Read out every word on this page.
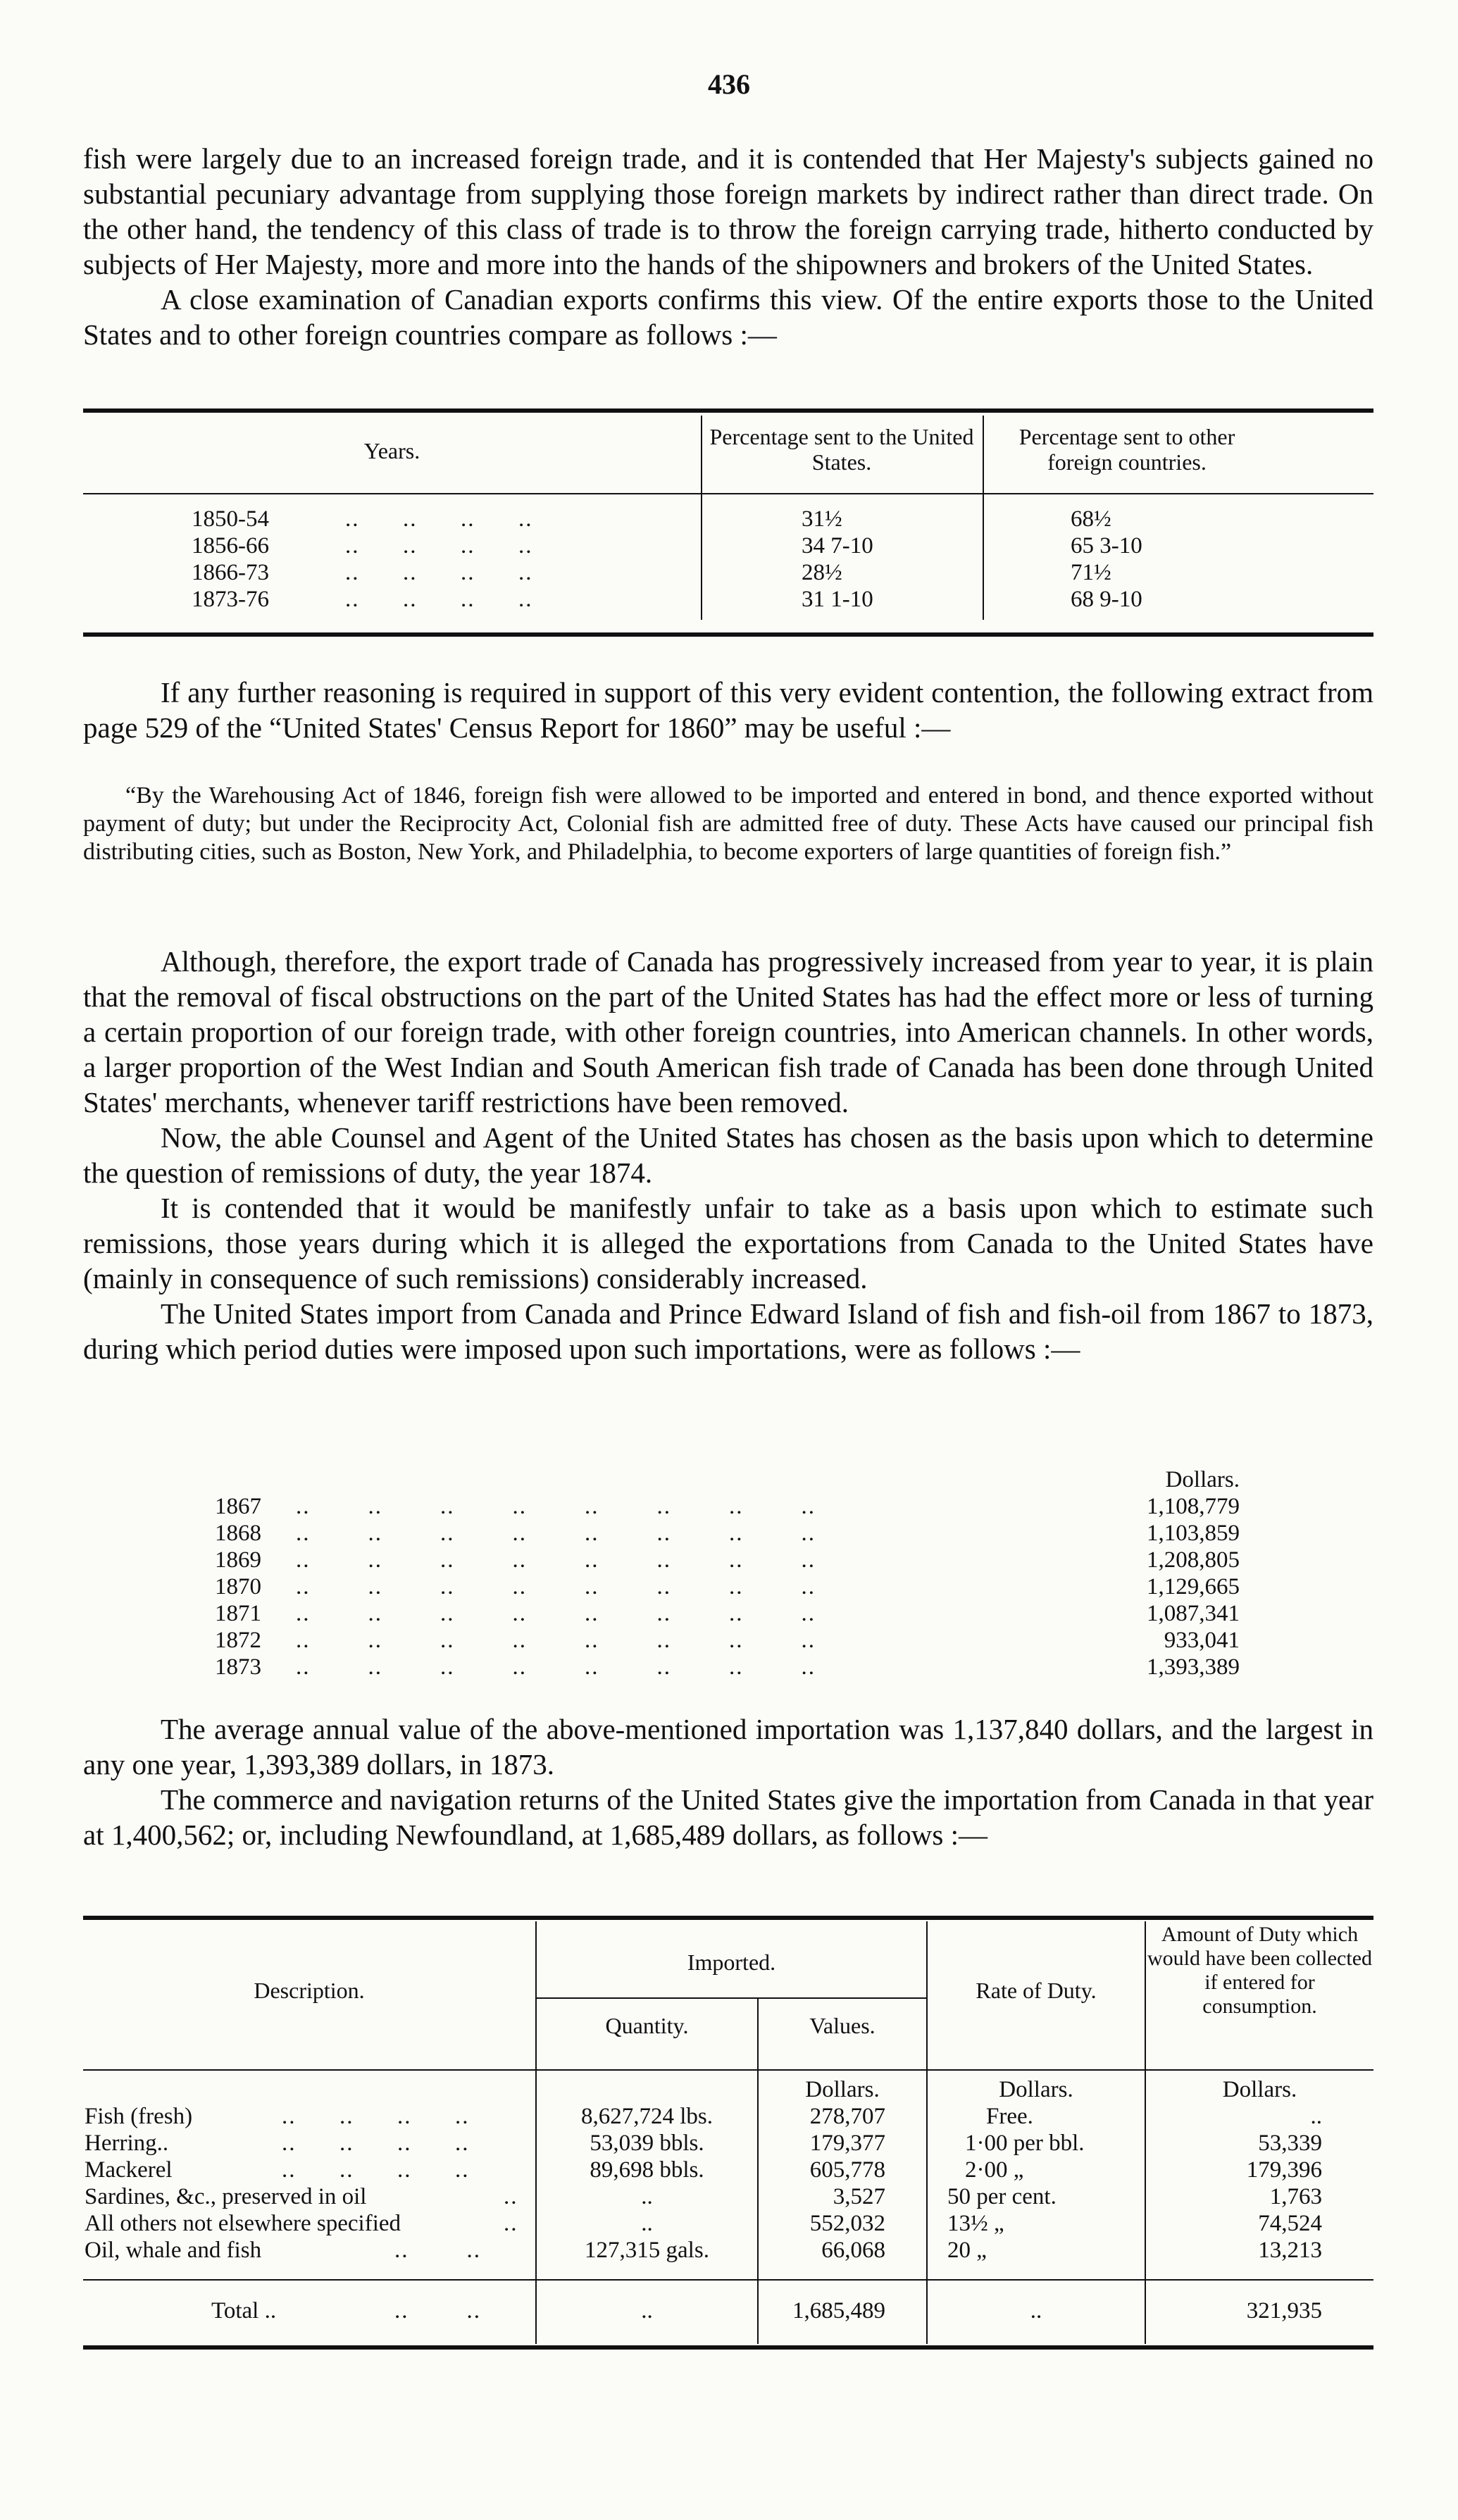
436

fish were largely due to an increased foreign trade, and it is contended that Her Majesty's subjects gained no substantial pecuniary advantage from supplying those foreign markets by indirect rather than direct trade. On the other hand, the tendency of this class of trade is to throw the foreign carrying trade, hitherto conducted by subjects of Her Majesty, more and more into the hands of the shipowners and brokers of the United States.

A close examination of Canadian exports confirms this view. Of the entire exports those to the United States and to other foreign countries compare as follows :—

Years.
Percentage sent to the United States.
Percentage sent to other foreign countries.
1850-54	..      ..      ..      ..	31½	68½
1856-66	..      ..      ..      ..	34 7-10	65 3-10
1866-73	..      ..      ..      ..	28½	71½
1873-76	..      ..      ..      ..	31 1-10	68 9-10

If any further reasoning is required in support of this very evident contention, the following extract from page 529 of the “United States' Census Report for 1860” may be useful :—

“By the Warehousing Act of 1846, foreign fish were allowed to be imported and entered in bond, and thence exported without payment of duty; but under the Reciprocity Act, Colonial fish are admitted free of duty. These Acts have caused our principal fish distributing cities, such as Boston, New York, and Philadelphia, to become exporters of large quantities of foreign fish.”

Although, therefore, the export trade of Canada has progressively increased from year to year, it is plain that the removal of fiscal obstructions on the part of the United States has had the effect more or less of turning a certain proportion of our foreign trade, with other foreign countries, into American channels. In other words, a larger proportion of the West Indian and South American fish trade of Canada has been done through United States' merchants, whenever tariff restrictions have been removed.

Now, the able Counsel and Agent of the United States has chosen as the basis upon which to determine the question of remissions of duty, the year 1874.

It is contended that it would be manifestly unfair to take as a basis upon which to estimate such remissions, those years during which it is alleged the exportations from Canada to the United States have (mainly in consequence of such remissions) considerably increased.

The United States import from Canada and Prince Edward Island of fish and fish-oil from 1867 to 1873, during which period duties were imposed upon such importations, were as follows :—

Dollars.
1867 ..        ..        ..        ..        ..        ..        ..        ..	1,108,779
1868 ..        ..        ..        ..        ..        ..        ..        ..	1,103,859
1869 ..        ..        ..        ..        ..        ..        ..        ..	1,208,805
1870 ..        ..        ..        ..        ..        ..        ..        ..	1,129,665
1871 ..        ..        ..        ..        ..        ..        ..        ..	1,087,341
1872 ..        ..        ..        ..        ..        ..        ..        ..	933,041
1873 ..        ..        ..        ..        ..        ..        ..        ..	1,393,389

The average annual value of the above-mentioned importation was 1,137,840 dollars, and the largest in any one year, 1,393,389 dollars, in 1873.

The commerce and navigation returns of the United States give the importation from Canada in that year at 1,400,562; or, including Newfoundland, at 1,685,489 dollars, as follows :—

Description.
Imported.
Quantity.	Values.
Rate of Duty.
Amount of Duty which would have been collected if entered for consumption.
Dollars.	Dollars.	Dollars.
Fish (fresh)	..      ..      ..      ..	8,627,724 lbs.	278,707	Free.	..
Herring..	..      ..      ..      ..	53,039 bbls.	179,377	1·00 per bbl.	53,339
Mackerel	..      ..      ..      ..	89,698 bbls.	605,778	2·00 „	179,396
Sardines, &c., preserved in oil	..	..	3,527	50 per cent.	1,763
All others not elsewhere specified	..	..	552,032	13½ „	74,524
Oil, whale and fish	..        ..	127,315 gals.	66,068	20 „	13,213
Total ..	..        ..	..	1,685,489	..	321,935
